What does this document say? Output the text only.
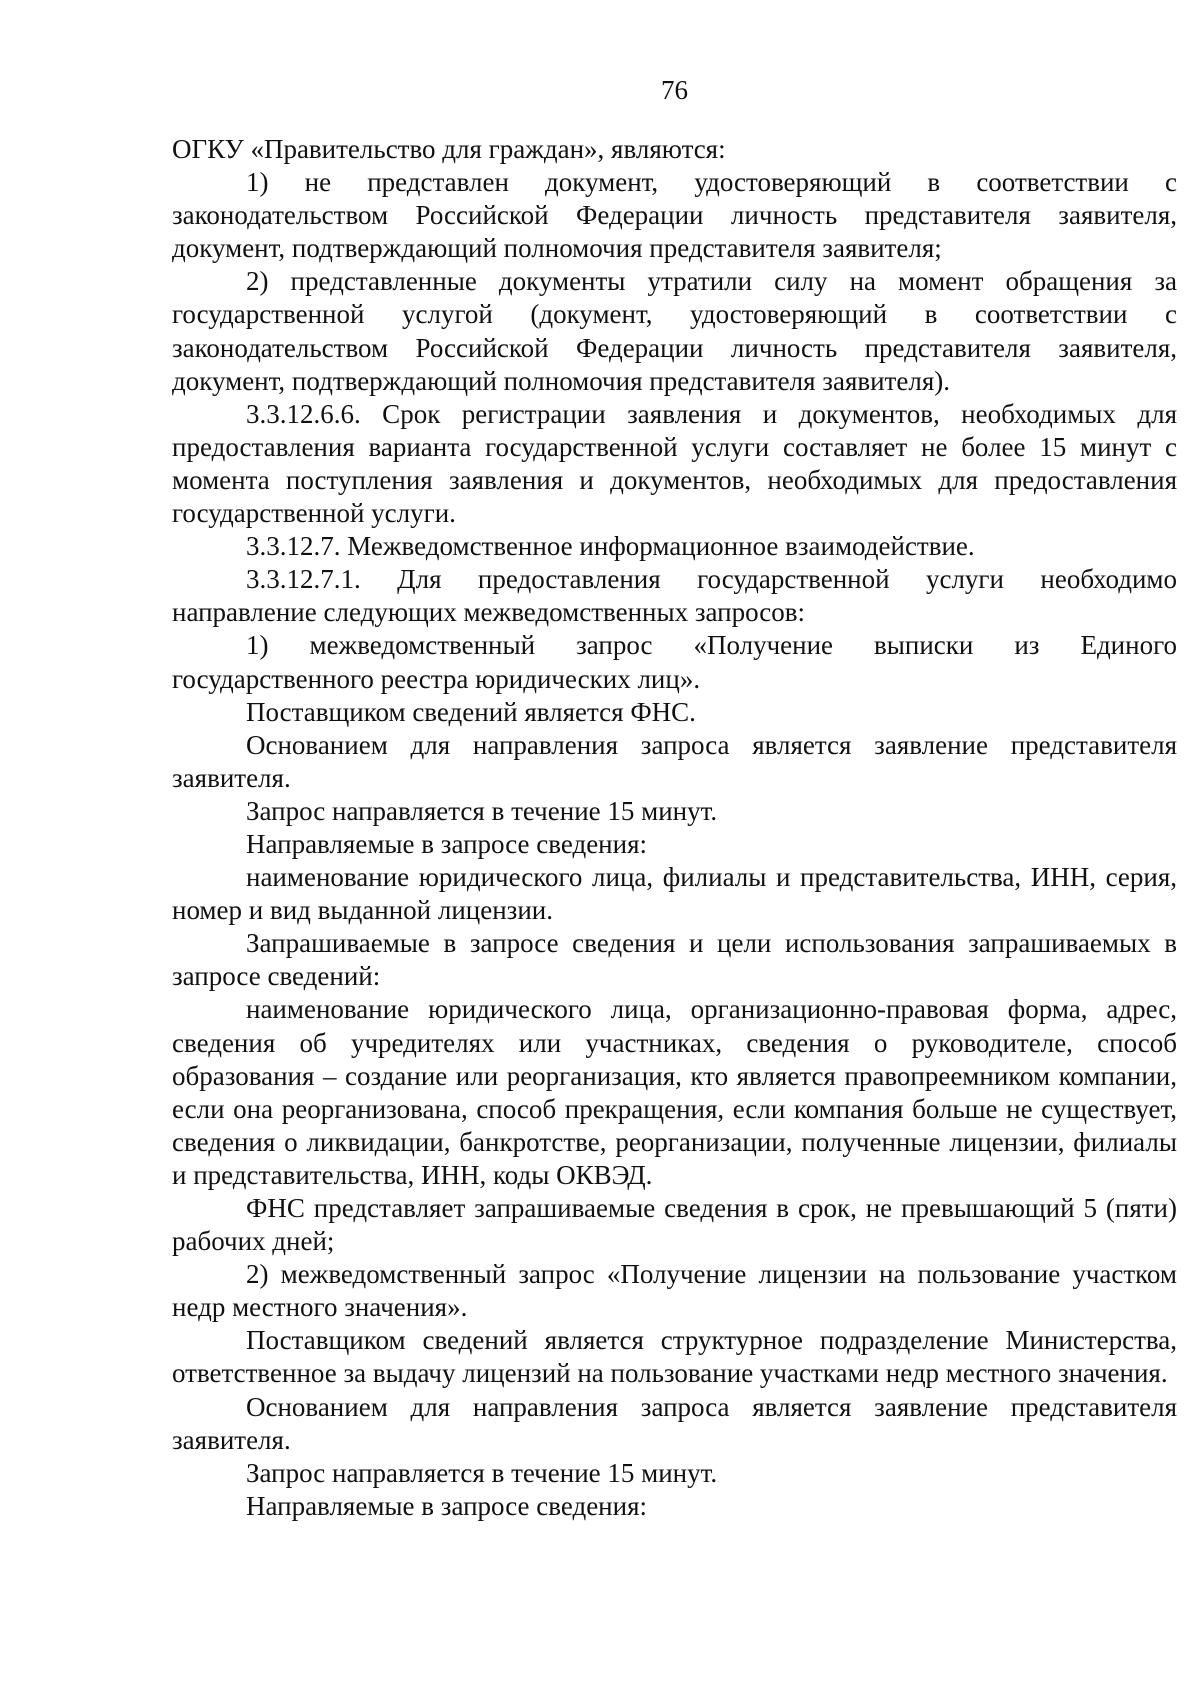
76

ОГКУ «Правительство для граждан», являются:

1) не представлен документ, удостоверяющий в соответствии с законодательством Российской Федерации личность представителя заявителя, документ, подтверждающий полномочия представителя заявителя;

2) представленные документы утратили силу на момент обращения за государственной услугой (документ, удостоверяющий в соответствии с законодательством Российской Федерации личность представителя заявителя, документ, подтверждающий полномочия представителя заявителя).

3.3.12.6.6. Срок регистрации заявления и документов, необходимых для предоставления варианта государственной услуги составляет не более 15 минут с момента поступления заявления и документов, необходимых для предоставления государственной услуги.

3.3.12.7. Межведомственное информационное взаимодействие.

3.3.12.7.1. Для предоставления государственной услуги необходимо направление следующих межведомственных запросов:

1) межведомственный запрос «Получение выписки из Единого государственного реестра юридических лиц».

Поставщиком сведений является ФНС.

Основанием для направления запроса является заявление представителя заявителя.

Запрос направляется в течение 15 минут.

Направляемые в запросе сведения:

наименование юридического лица, филиалы и представительства, ИНН, серия, номер и вид выданной лицензии.

Запрашиваемые в запросе сведения и цели использования запрашиваемых в запросе сведений:

наименование юридического лица, организационно-правовая форма, адрес, сведения об учредителях или участниках, сведения о руководителе, способ образования – создание или реорганизация, кто является правопреемником компании, если она реорганизована, способ прекращения, если компания больше не существует, сведения о ликвидации, банкротстве, реорганизации, полученные лицензии, филиалы и представительства, ИНН, коды ОКВЭД.

ФНС представляет запрашиваемые сведения в срок, не превышающий 5 (пяти) рабочих дней;

2) межведомственный запрос «Получение лицензии на пользование участком недр местного значения».

Поставщиком сведений является структурное подразделение Министерства, ответственное за выдачу лицензий на пользование участками недр местного значения.

Основанием для направления запроса является заявление представителя заявителя.

Запрос направляется в течение 15 минут.

Направляемые в запросе сведения:
